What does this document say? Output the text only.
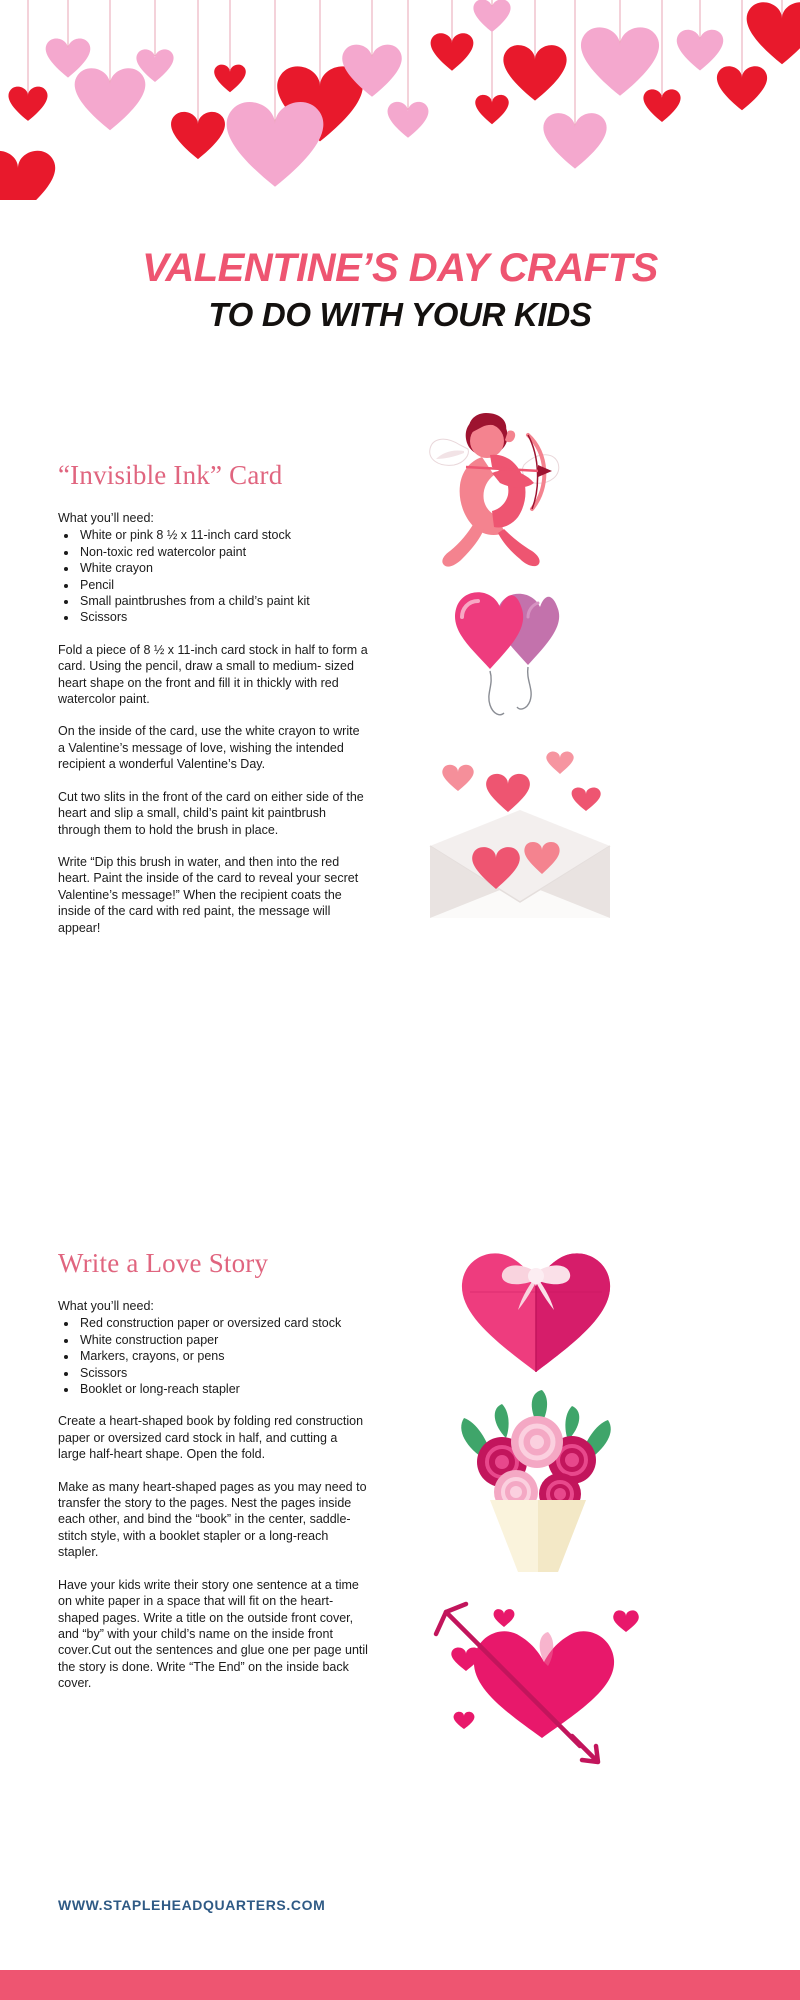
VALENTINE’S DAY CRAFTS
TO DO WITH YOUR KIDS
“Invisible Ink” Card
What you’ll need:
• White or pink 8 ½ x 11-inch card stock
• Non-toxic red watercolor paint
• White crayon
• Pencil
• Small paintbrushes from a child’s paint kit
• Scissors

Fold a piece of 8 ½ x 11-inch card stock in half to form a card. Using the pencil, draw a small to medium- sized heart shape on the front and fill it in thickly with red watercolor paint.

On the inside of the card, use the white crayon to write a Valentine’s message of love, wishing the intended recipient a wonderful Valentine’s Day.

Cut two slits in the front of the card on either side of the heart and slip a small, child’s paint kit paintbrush through them to hold the brush in place.

Write “Dip this brush in water, and then into the red heart. Paint the inside of the card to reveal your secret Valentine’s message!” When the recipient coats the inside of the card with red paint, the message will appear!

Write a Love Story
What you’ll need:
• Red construction paper or oversized card stock
• White construction paper
• Markers, crayons, or pens
• Scissors
• Booklet or long-reach stapler

Create a heart-shaped book by folding red construction paper or oversized card stock in half, and cutting a large half-heart shape. Open the fold.

Make as many heart-shaped pages as you may need to transfer the story to the pages. Nest the pages inside each other, and bind the “book” in the center, saddle-stitch style, with a booklet stapler or a long-reach stapler.

Have your kids write their story one sentence at a time on white paper in a space that will fit on the heart-shaped pages. Write a title on the outside front cover, and “by” with your child’s name on the inside front cover.Cut out the sentences and glue one per page until the story is done. Write “The End” on the inside back cover.

WWW.STAPLEHEADQUARTERS.COM
